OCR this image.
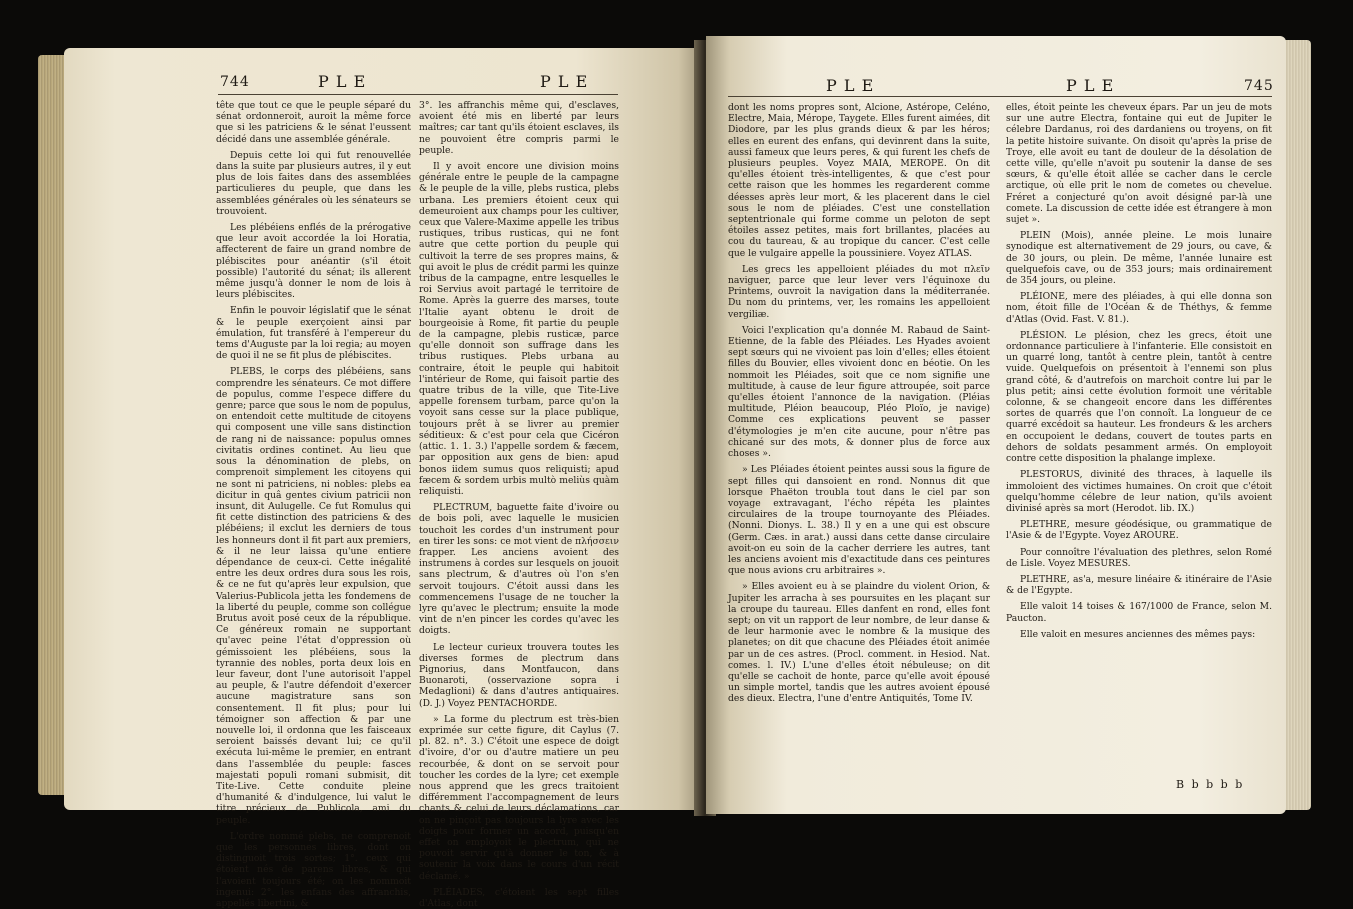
744	P L E	P L E

tête que tout ce que le peuple séparé du sénat ordonneroit, auroit la même force que si les patriciens & le sénat l'eussent décidé dans une assemblée générale.

Depuis cette loi qui fut renouvellée dans la suite par plusieurs autres, il y eut plus de lois faites dans des assemblées particulieres du peuple, que dans les assemblées générales où les sénateurs se trouvoient.

Les plébéiens enflés de la prérogative que leur avoit accordée la loi Horatia, affecterent de faire un grand nombre de plébiscites pour anéantir (s'il étoit possible) l'autorité du sénat; ils allerent même jusqu'à donner le nom de lois à leurs plébiscites.

Enfin le pouvoir législatif que le sénat & le peuple exerçoient ainsi par émulation, fut transféré à l'empereur du tems d'Auguste par la loi regia; au moyen de quoi il ne se fit plus de plébiscites.

PLEBS, le corps des plébéiens, sans comprendre les sénateurs. Ce mot differe de populus, comme l'espece differe du genre; parce que sous le nom de populus, on entendoit cette multitude de citoyens qui composent une ville sans distinction de rang ni de naissance: populus omnes civitatis ordines continet. Au lieu que sous la dénomination de plebs, on comprenoit simplement les citoyens qui ne sont ni patriciens, ni nobles: plebs ea dicitur in quâ gentes civium patricii non insunt, dit Aulugelle. Ce fut Romulus qui fit cette distinction des patriciens & des plébéiens; il exclut les derniers de tous les honneurs dont il fit part aux premiers, & il ne leur laissa qu'une entiere dépendance de ceux-ci. Cette inégalité entre les deux ordres dura sous les rois, & ce ne fut qu'après leur expulsion, que Valerius-Publicola jetta les fondemens de la liberté du peuple, comme son collégue Brutus avoit posé ceux de la république. Ce généreux romain ne supportant qu'avec peine l'état d'oppression où gémissoient les plébéiens, sous la tyrannie des nobles, porta deux lois en leur faveur, dont l'une autorisoit l'appel au peuple, & l'autre défendoit d'exercer aucune magistrature sans son consentement. Il fit plus; pour lui témoigner son affection & par une nouvelle loi, il ordonna que les faisceaux seroient baissés devant lui; ce qu'il exécuta lui-même le premier, en entrant dans l'assemblée du peuple: fasces majestati populi romani submisit, dit Tite-Live. Cette conduite pleine d'humanité & d'indulgence, lui valut le titre précieux de Publicola, ami du peuple.

L'ordre nommé plebs, ne comprenoit que les personnes libres, dont on distinguoit trois sortes; 1°. ceux qui étoient nés de parens libres, & qui l'avoient toujours été; on les nommoit ingenui: 2°. les enfans des affranchis, appellés libertini, &

3°. les affranchis même qui, d'esclaves, avoient été mis en liberté par leurs maîtres; car tant qu'ils étoient esclaves, ils ne pouvoient être compris parmi le peuple.

Il y avoit encore une division moins générale entre le peuple de la campagne & le peuple de la ville, plebs rustica, plebs urbana. Les premiers étoient ceux qui demeuroient aux champs pour les cultiver, ceux que Valere-Maxime appelle les tribus rustiques, tribus rusticas, qui ne font autre que cette portion du peuple qui cultivoit la terre de ses propres mains, & qui avoit le plus de crédit parmi les quinze tribus de la campagne, entre lesquelles le roi Servius avoit partagé le territoire de Rome. Après la guerre des marses, toute l'Italie ayant obtenu le droit de bourgeoisie à Rome, fit partie du peuple de la campagne, plebis rusticæ, parce qu'elle donnoit son suffrage dans les tribus rustiques. Plebs urbana au contraire, étoit le peuple qui habitoit l'intérieur de Rome, qui faisoit partie des quatre tribus de la ville, que Tite-Live appelle forensem turbam, parce qu'on la voyoit sans cesse sur la place publique, toujours prêt à se livrer au premier séditieux: & c'est pour cela que Cicéron (attic. 1. 1. 3.) l'appelle sordem & fæcem, par opposition aux gens de bien: apud bonos iidem sumus quos reliquisti; apud fæcem & sordem urbis multò meliùs quàm reliquisti.

PLECTRUM, baguette faite d'ivoire ou de bois poli, avec laquelle le musicien touchoit les cordes d'un instrument pour en tirer les sons: ce mot vient de πλήσσειν frapper. Les anciens avoient des instrumens à cordes sur lesquels on jouoit sans plectrum, & d'autres où l'on s'en servoit toujours. C'étoit aussi dans les commencemens l'usage de ne toucher la lyre qu'avec le plectrum; ensuite la mode vint de n'en pincer les cordes qu'avec les doigts.

Le lecteur curieux trouvera toutes les diverses formes de plectrum dans Pignorius, dans Montfaucon, dans Buonaroti, (osservazione sopra i Medaglioni) & dans d'autres antiquaires. (D. J.) Voyez PENTACHORDE.

» La forme du plectrum est très-bien exprimée sur cette figure, dit Caylus (7. pl. 82. n°. 3.) C'étoit une espece de doigt d'ivoire, d'or ou d'autre matiere un peu recourbée, & dont on se servoit pour toucher les cordes de la lyre; cet exemple nous apprend que les grecs traitoient différemment l'accompagnement de leurs chants & celui de leurs déclamations, car on ne pinçoit pas toujours la lyre avec les doigts pour former un accord, puisqu'en effet on employoit le plectrum, qui ne pouvoit servir qu'à donner le ton, & à soutenir la voix dans le cours d'un récit déclamé. »

PLÉIADES, c'étoient les sept filles d'Atlas, dont

P L E	P L E	745

dont les noms propres sont, Alcione, Astérope, Celéno, Electre, Maia, Mérope, Taygete. Elles furent aimées, dit Diodore, par les plus grands dieux & par les héros; elles en eurent des enfans, qui devinrent dans la suite, aussi fameux que leurs peres, & qui furent les chefs de plusieurs peuples. Voyez MAIA, MEROPE. On dit qu'elles étoient très-intelligentes, & que c'est pour cette raison que les hommes les regarderent comme déesses après leur mort, & les placerent dans le ciel sous le nom de pléiades. C'est une constellation septentrionale qui forme comme un peloton de sept étoiles assez petites, mais fort brillantes, placées au cou du taureau, & au tropique du cancer. C'est celle que le vulgaire appelle la poussiniere. Voyez ATLAS.

Les grecs les appelloient pléiades du mot πλεῖν naviguer, parce que leur lever vers l'équinoxe du Printems, ouvroit la navigation dans la méditerranée. Du nom du printems, ver, les romains les appelloient vergiliæ.

Voici l'explication qu'a donnée M. Rabaud de Saint-Etienne, de la fable des Pléiades. Les Hyades avoient sept sœurs qui ne vivoient pas loin d'elles; elles étoient filles du Bouvier, elles vivoient donc en béotie. On les nommoit les Pléiades, soit que ce nom signifie une multitude, à cause de leur figure attroupée, soit parce qu'elles étoient l'annonce de la navigation. (Pléias multitude, Pléion beaucoup, Pléo Ploïo, je navige) Comme ces explications peuvent se passer d'étymologies je m'en cite aucune, pour n'être pas chicané sur des mots, & donner plus de force aux choses ».

» Les Pléiades étoient peintes aussi sous la figure de sept filles qui dansoient en rond. Nonnus dit que lorsque Phaëton troubla tout dans le ciel par son voyage extravagant, l'écho répéta les plaintes circulaires de la troupe tournoyante des Pléiades. (Nonni. Dionys. L. 38.) Il y en a une qui est obscure (Germ. Cæs. in arat.) aussi dans cette danse circulaire avoit-on eu soin de la cacher derriere les autres, tant les anciens avoient mis d'exactitude dans ces peintures que nous avions cru arbitraires ».

» Elles avoient eu à se plaindre du violent Orion, & Jupiter les arracha à ses poursuites en les plaçant sur la croupe du taureau. Elles danfent en rond, elles font sept; on vit un rapport de leur nombre, de leur danse & de leur harmonie avec le nombre & la musique des planetes; on dit que chacune des Pléiades étoit animée par un de ces astres. (Procl. comment. in Hesiod. Nat. comes. l. IV.) L'une d'elles étoit nébuleuse; on dit qu'elle se cachoit de honte, parce qu'elle avoit épousé un simple mortel, tandis que les autres avoient épousé des dieux. Electra, l'une d'entre Antiquités, Tome IV.

elles, étoit peinte les cheveux épars. Par un jeu de mots sur une autre Electra, fontaine qui eut de Jupiter le célebre Dardanus, roi des dardaniens ou troyens, on fit la petite histoire suivante. On disoit qu'après la prise de Troye, elle avoit eu tant de douleur de la désolation de cette ville, qu'elle n'avoit pu soutenir la danse de ses sœurs, & qu'elle étoit allée se cacher dans le cercle arctique, où elle prit le nom de cometes ou chevelue. Fréret a conjecturé qu'on avoit désigné par-là une comete. La discussion de cette idée est étrangere à mon sujet ».

PLEIN (Mois), année pleine. Le mois lunaire synodique est alternativement de 29 jours, ou cave, & de 30 jours, ou plein. De même, l'année lunaire est quelquefois cave, ou de 353 jours; mais ordinairement de 354 jours, ou pleine.

PLÉIONE, mere des pléiades, à qui elle donna son nom, étoit fille de l'Océan & de Théthys, & femme d'Atlas (Ovid. Fast. V. 81.).

PLÉSION. Le plésion, chez les grecs, étoit une ordonnance particuliere à l'infanterie. Elle consistoit en un quarré long, tantôt à centre plein, tantôt à centre vuide. Quelquefois on présentoit à l'ennemi son plus grand côté, & d'autrefois on marchoit contre lui par le plus petit; ainsi cette évolution formoit une véritable colonne, & se changeoit encore dans les différentes sortes de quarrés que l'on connoît. La longueur de ce quarré excédoit sa hauteur. Les frondeurs & les archers en occupoient le dedans, couvert de toutes parts en dehors de soldats pesamment armés. On employoit contre cette disposition la phalange implexe.

PLESTORUS, divinité des thraces, à laquelle ils immoloient des victimes humaines. On croit que c'étoit quelqu'homme célebre de leur nation, qu'ils avoient divinisé après sa mort (Herodot. lib. IX.)

PLETHRE, mesure géodésique, ou grammatique de l'Asie & de l'Egypte. Voyez AROURE.

Pour connoître l'évaluation des plethres, selon Romé de Lisle. Voyez MESURES.

PLETHRE, as'a, mesure linéaire & itinéraire de l'Asie & de l'Egypte.

Elle valoit 14 toises & 167/1000 de France, selon M. Paucton.

Elle valoit en mesures anciennes des mêmes pays:

B b b b b
